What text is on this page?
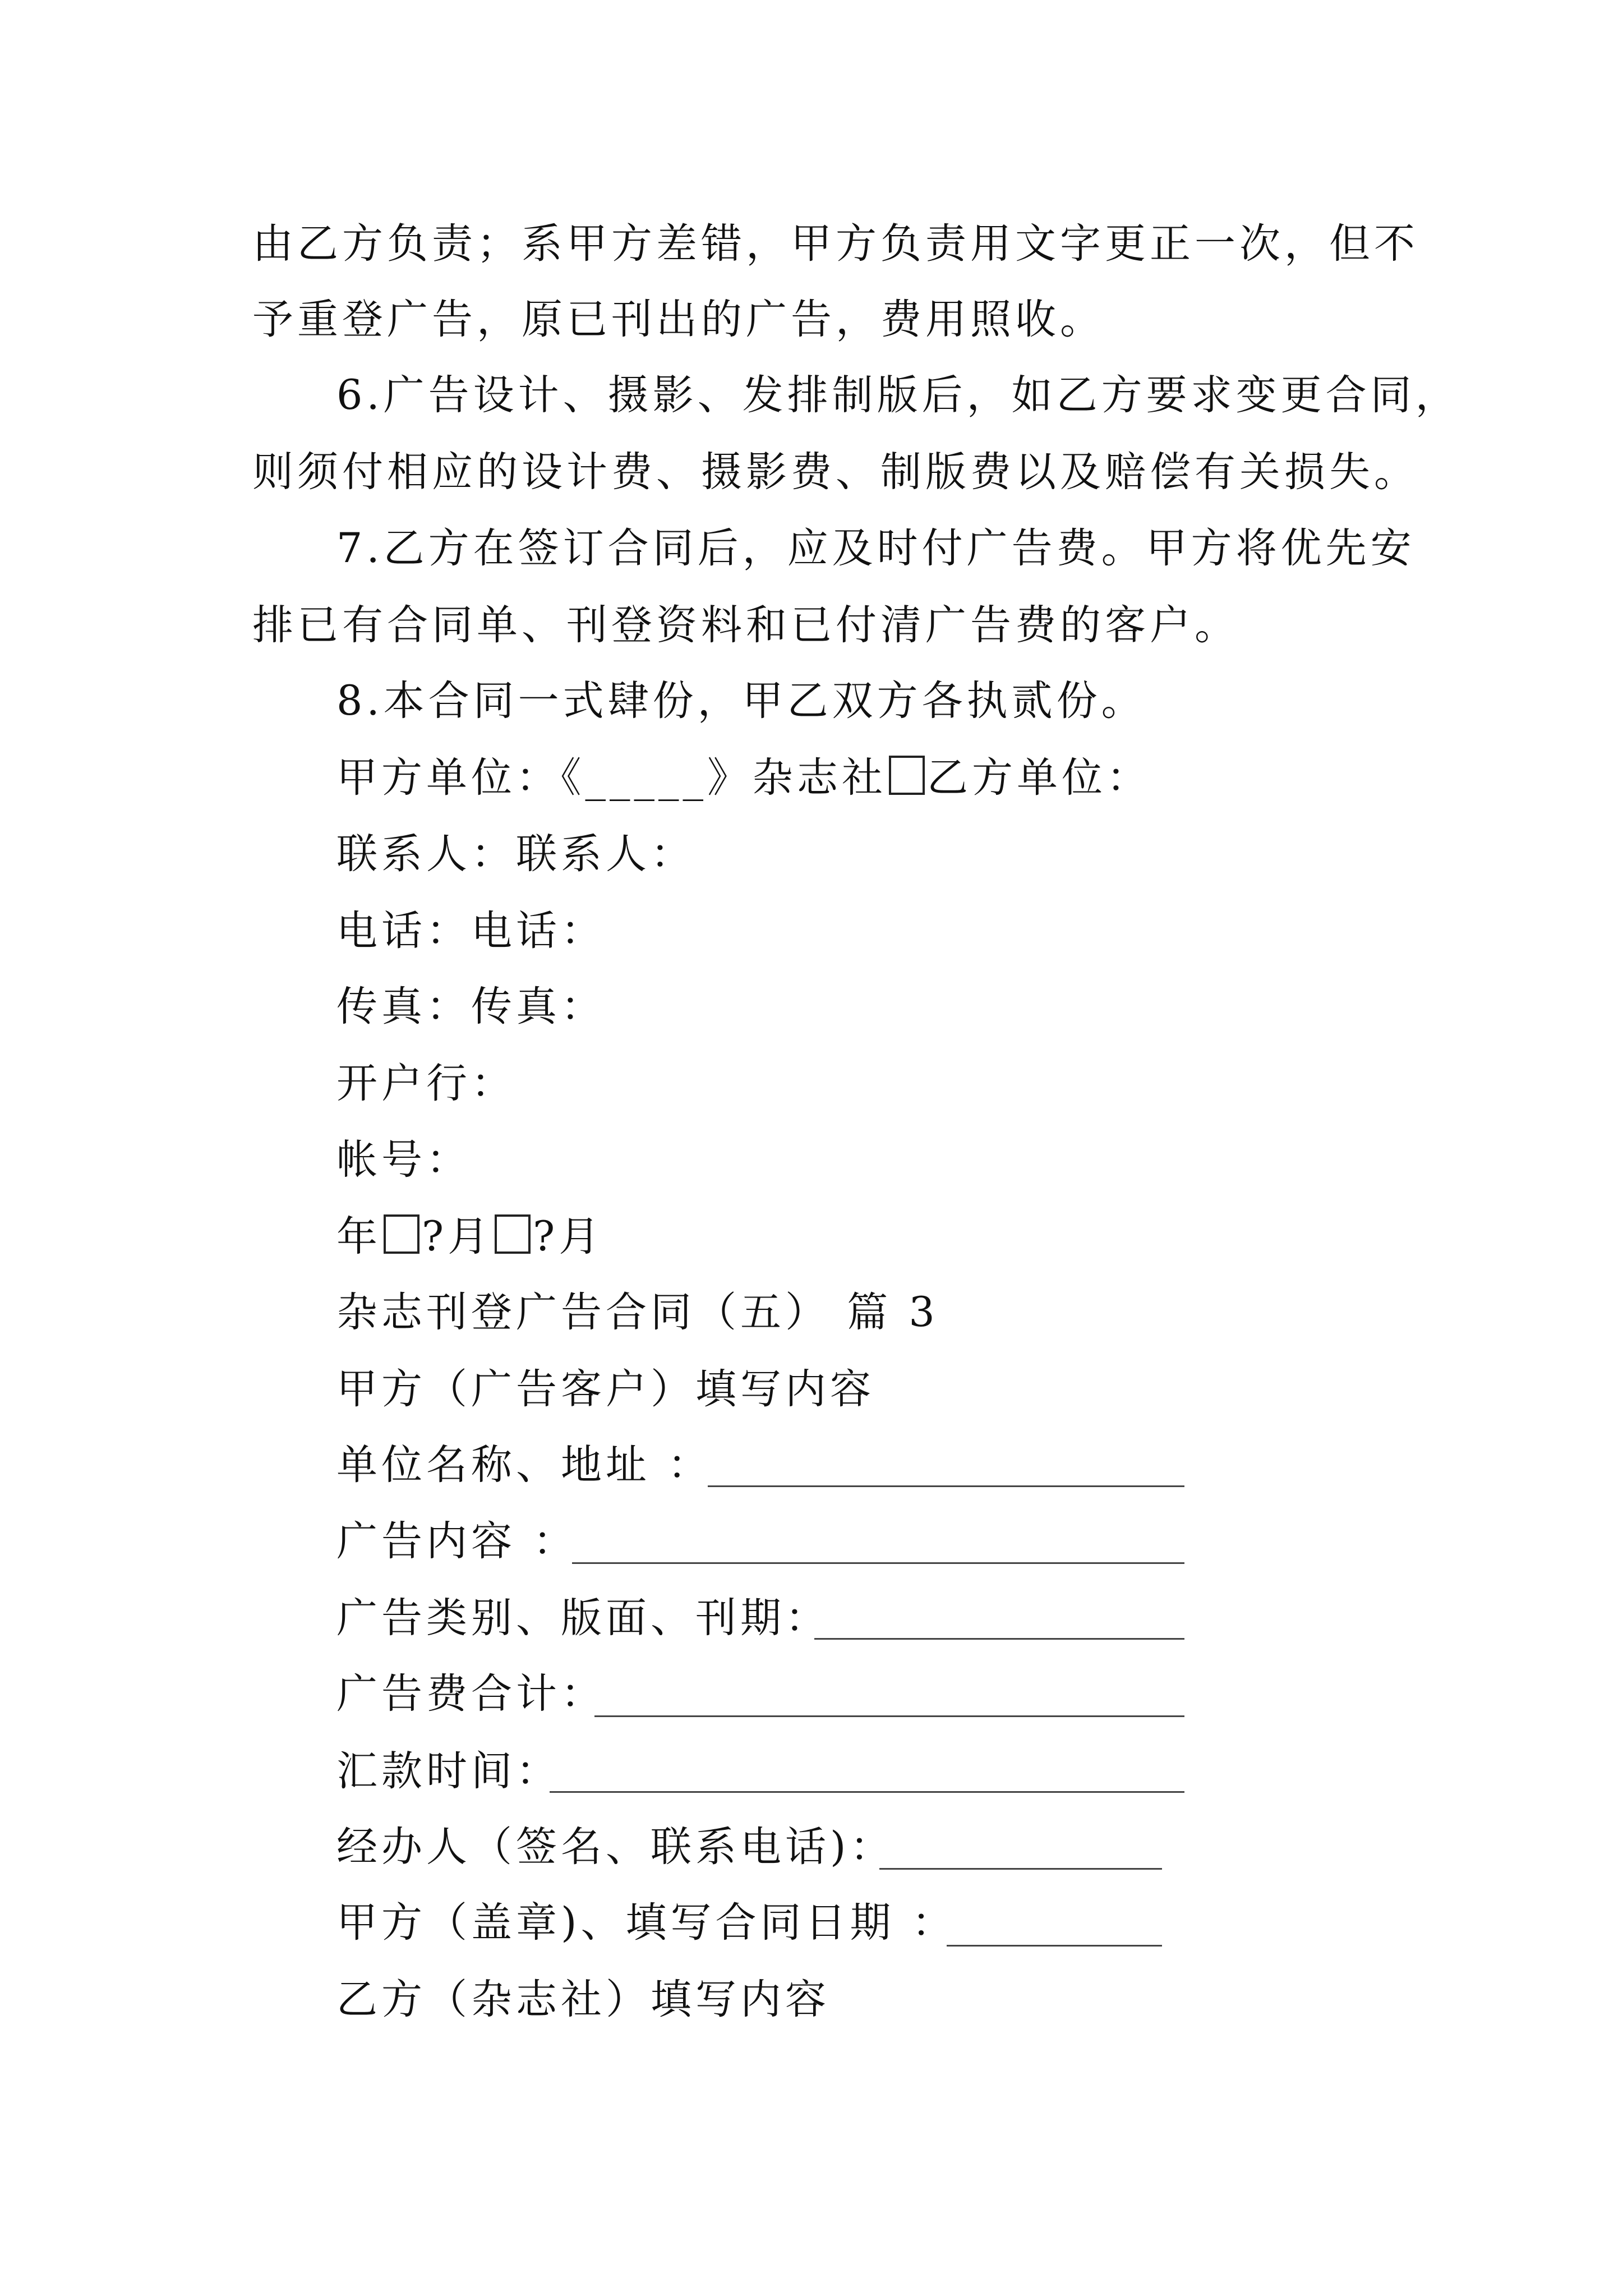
由乙方负责；系甲方差错，甲方负责用文字更正一次，但不
予重登广告，原已刊出的广告，费用照收。
6.广告设计、摄影、发排制版后，如乙方要求变更合同，
则须付相应的设计费、摄影费、制版费以及赔偿有关损失。
7.乙方在签订合同后，应及时付广告费。甲方将优先安
排已有合同单、刊登资料和已付清广告费的客户。
8.本合同一式肆份，甲乙双方各执贰份。
甲方单位：《_____》杂志社 乙方单位：
联系人：联系人：
电话：电话：
传真：传真：
开户行：
帐号：
年 ?月 ?月
杂志刊登广告合同（五） 篇 3
甲方（广告客户）填写内容
单位名称、地址 ：
广告内容 ：
广告类别、版面、刊期：
广告费合计：
汇款时间：
经办人（签名、联系电话)：
甲方（盖章)、填写合同日期 ：
乙方（杂志社）填写内容
